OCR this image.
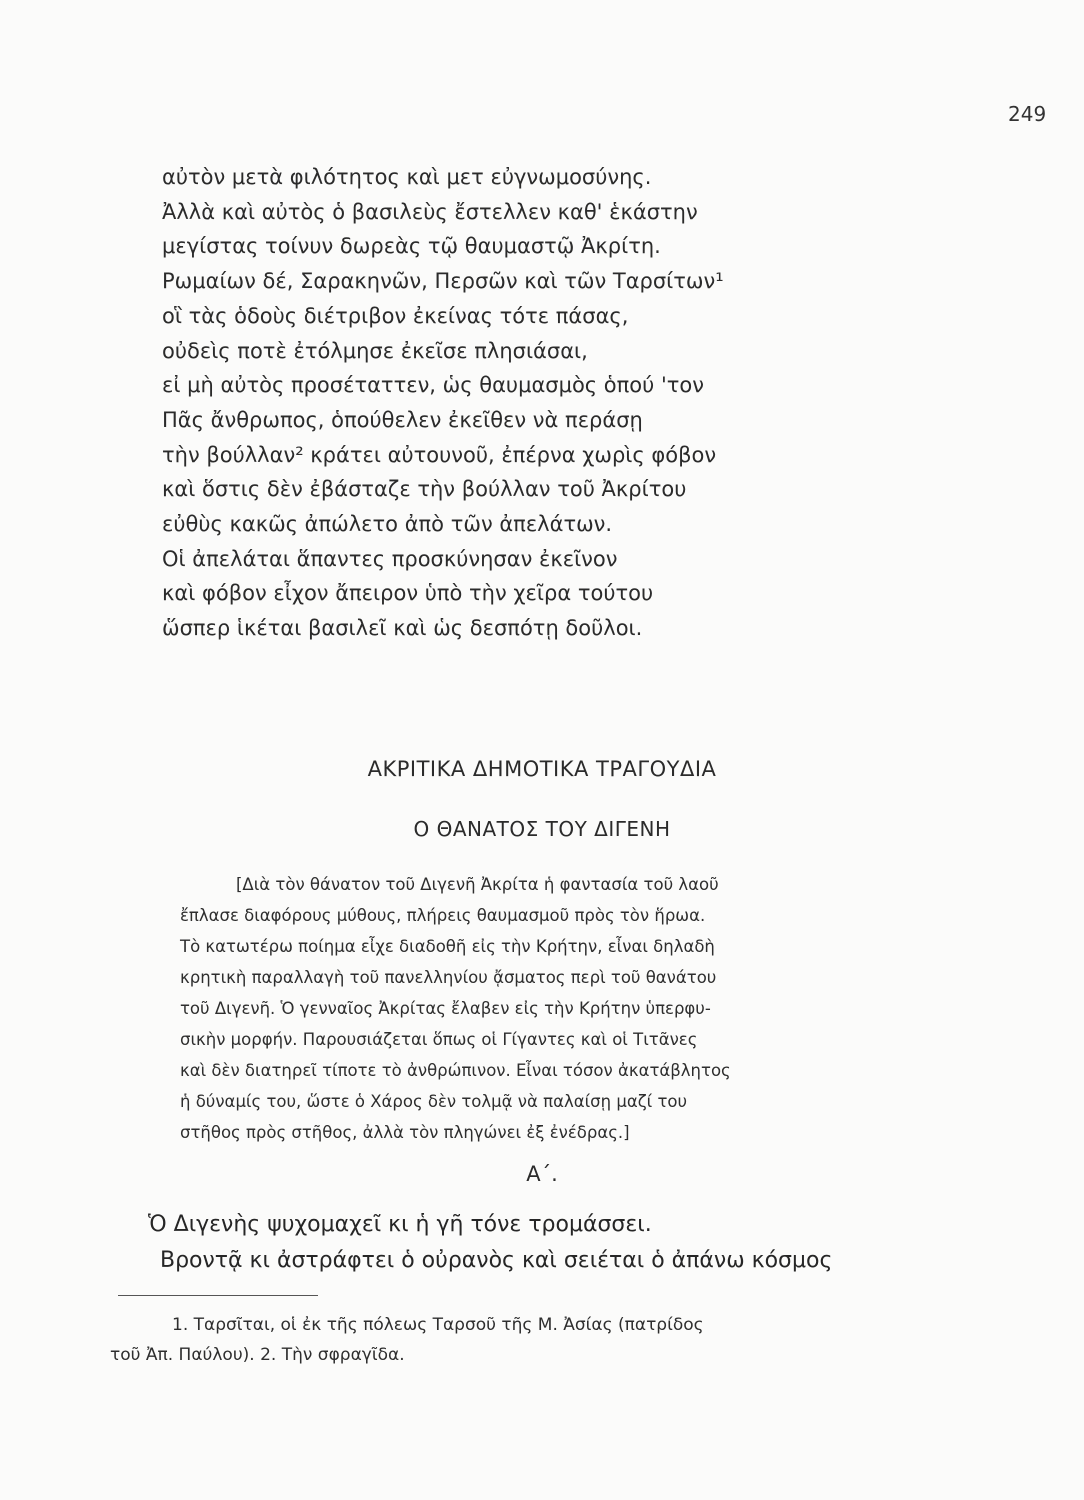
249
αὐτὸν μετὰ φιλότητος καὶ μετ εὐγνωμοσύνης.
Ἀλλὰ καὶ αὐτὸς ὁ βασιλεὺς ἔστελλεν καθ' ἑκάστην
μεγίστας τοίνυν δωρεὰς τῷ θαυμαστῷ Ἀκρίτη.
Ρωμαίων δέ, Σαρακηνῶν, Περσῶν καὶ τῶν Ταρσίτων¹
οἳ τὰς ὁδοὺς διέτριβον ἐκείνας τότε πάσας,
οὐδεὶς ποτὲ ἐτόλμησε ἐκεῖσε πλησιάσαι,
εἰ μὴ αὐτὸς προσέταττεν, ὡς θαυμασμὸς ὁπού 'τον
Πᾶς ἄνθρωπος, ὁπούθελεν ἐκεῖθεν νὰ περάσῃ
τὴν βούλλαν² κράτει αὐτουνοῦ, ἐπέρνα χωρὶς φόβον
καὶ ὅστις δὲν ἐβάσταζε τὴν βούλλαν τοῦ Ἀκρίτου
εὐθὺς κακῶς ἀπώλετο ἀπὸ τῶν ἀπελάτων.
Οἱ ἀπελάται ἅπαντες προσκύνησαν ἐκεῖνον
καὶ φόβον εἶχον ἄπειρον ὑπὸ τὴν χεῖρα τούτου
ὥσπερ ἱκέται βασιλεῖ καὶ ὡς δεσπότῃ δοῦλοι.
ΑΚΡΙΤΙΚΑ ΔΗΜΟΤΙΚΑ ΤΡΑΓΟΥΔΙΑ
Ο ΘΑΝΑΤΟΣ ΤΟΥ ΔΙΓΕΝΗ
[Διὰ τὸν θάνατον τοῦ Διγενῆ Ἀκρίτα ἡ φαντασία τοῦ λαοῦ
ἔπλασε διαφόρους μύθους, πλήρεις θαυμασμοῦ πρὸς τὸν ἥρωα.
Τὸ κατωτέρω ποίημα εἶχε διαδοθῆ εἰς τὴν Κρήτην, εἶναι δηλαδὴ
κρητικὴ παραλλαγὴ τοῦ πανελληνίου ᾄσματος περὶ τοῦ θανάτου
τοῦ Διγενῆ. Ὁ γενναῖος Ἀκρίτας ἔλαβεν εἰς τὴν Κρήτην ὑπερφυ-
σικὴν μορφήν. Παρουσιάζεται ὅπως οἱ Γίγαντες καὶ οἱ Τιτᾶνες
καὶ δὲν διατηρεῖ τίποτε τὸ ἀνθρώπινον. Εἶναι τόσον ἀκατάβλητος
ἡ δύναμίς του, ὥστε ὁ Χάρος δὲν τολμᾷ νὰ παλαίσῃ μαζί του
στῆθος πρὸς στῆθος, ἀλλὰ τὸν πληγώνει ἐξ ἐνέδρας.]
Α΄.
Ὁ Διγενὴς ψυχομαχεῖ κι ἡ γῆ τόνε τρομάσσει.
Βροντᾷ κι ἀστράφτει ὁ οὐρανὸς καὶ σειέται ὁ ἀπάνω κόσμος
1. Ταρσῖται, οἱ ἐκ τῆς πόλεως Ταρσοῦ τῆς Μ. Ἀσίας (πατρίδος
τοῦ Ἀπ. Παύλου). 2. Τὴν σφραγῖδα.
